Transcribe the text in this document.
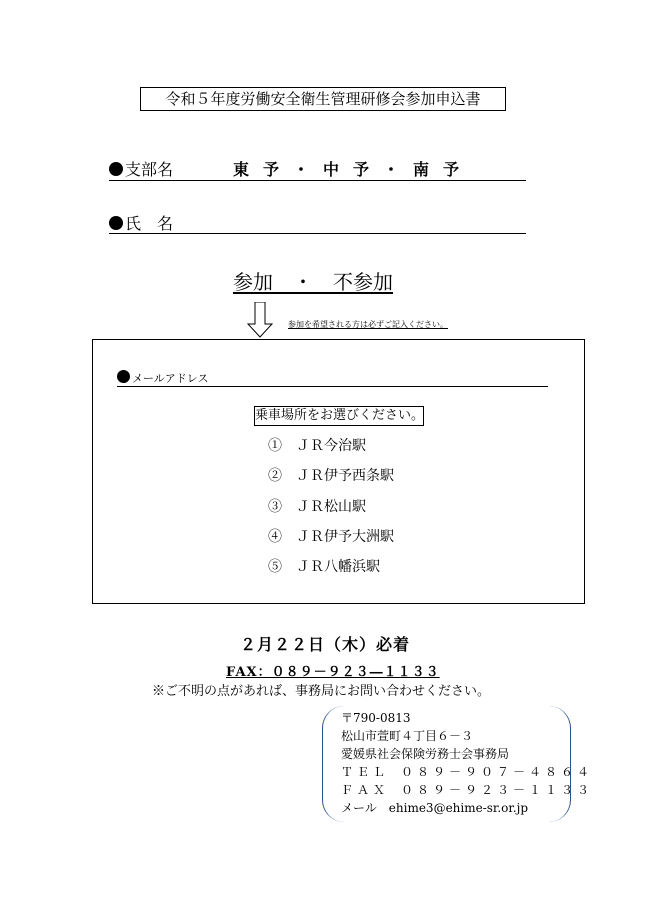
令和５年度労働安全衛生管理研修会参加申込書
支部名	東予・中予・南予
氏　名
参加　・　不参加
参加を希望される方は必ずご記入ください。
メールアドレス
乗車場所をお選びください。
①　ＪＲ今治駅
②　ＪＲ伊予西条駅
③　ＪＲ松山駅
④　ＪＲ伊予大洲駅
⑤　ＪＲ八幡浜駅
２月２２日（木）必着
FAX：０８９－９２３―１１３３
※ご不明の点があれば、事務局にお問い合わせください。
〒790-0813
松山市萱町４丁目６－３
愛媛県社会保険労務士会事務局
ＴＥＬ　 ０８９－９０７－４８６４
ＦＡＸ　 ０８９－９２３－１１３３
メール　 ehime3@ehime-sr.or.jp
